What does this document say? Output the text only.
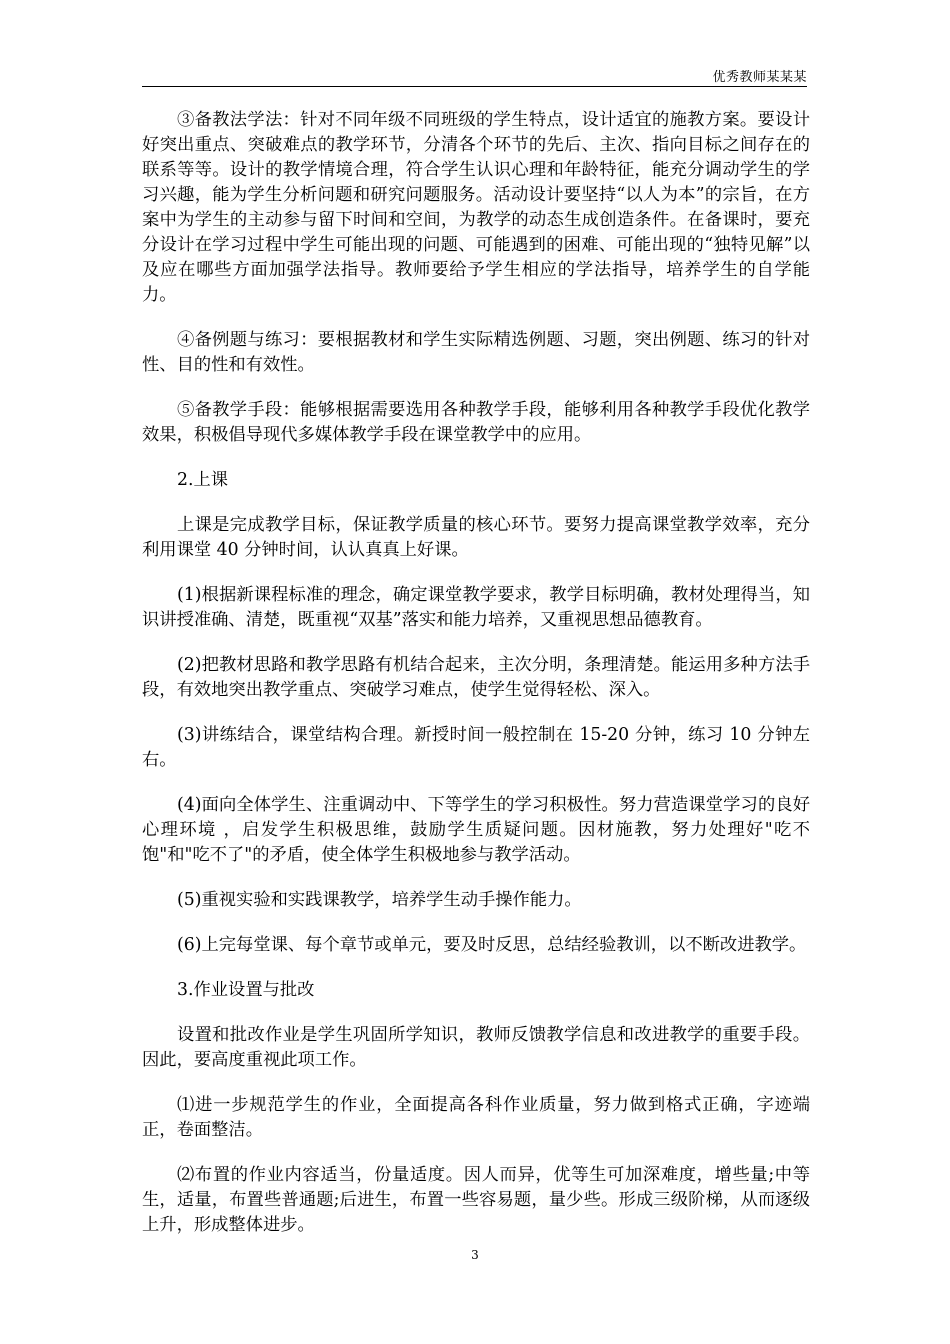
优秀教师某某某

③备教法学法：针对不同年级不同班级的学生特点，设计适宜的施教方案。要设计好突出重点、突破难点的教学环节，分清各个环节的先后、主次、指向目标之间存在的联系等等。设计的教学情境合理，符合学生认识心理和年龄特征，能充分调动学生的学习兴趣，能为学生分析问题和研究问题服务。活动设计要坚持“以人为本”的宗旨，在方案中为学生的主动参与留下时间和空间，为教学的动态生成创造条件。在备课时，要充分设计在学习过程中学生可能出现的问题、可能遇到的困难、可能出现的“独特见解”以及应在哪些方面加强学法指导。教师要给予学生相应的学法指导，培养学生的自学能力。

④备例题与练习：要根据教材和学生实际精选例题、习题，突出例题、练习的针对性、目的性和有效性。

⑤备教学手段：能够根据需要选用各种教学手段，能够利用各种教学手段优化教学效果，积极倡导现代多媒体教学手段在课堂教学中的应用。

2.上课

上课是完成教学目标，保证教学质量的核心环节。要努力提高课堂教学效率，充分利用课堂 40 分钟时间，认认真真上好课。

(1)根据新课程标准的理念，确定课堂教学要求，教学目标明确，教材处理得当，知识讲授准确、清楚，既重视“双基”落实和能力培养，又重视思想品德教育。

(2)把教材思路和教学思路有机结合起来，主次分明，条理清楚。能运用多种方法手段，有效地突出教学重点、突破学习难点，使学生觉得轻松、深入。

(3)讲练结合，课堂结构合理。新授时间一般控制在 15-20 分钟，练习 10 分钟左右。

(4)面向全体学生、注重调动中、下等学生的学习积极性。努力营造课堂学习的良好心理环境 ，启发学生积极思维，鼓励学生质疑问题。因材施教，努力处理好"吃不饱"和"吃不了"的矛盾，使全体学生积极地参与教学活动。

(5)重视实验和实践课教学，培养学生动手操作能力。

(6)上完每堂课、每个章节或单元，要及时反思，总结经验教训，以不断改进教学。

3.作业设置与批改

设置和批改作业是学生巩固所学知识，教师反馈教学信息和改进教学的重要手段。因此，要高度重视此项工作。

⑴进一步规范学生的作业，全面提高各科作业质量，努力做到格式正确，字迹端正，卷面整洁。

⑵布置的作业内容适当，份量适度。因人而异，优等生可加深难度，增些量;中等生，适量，布置些普通题;后进生，布置一些容易题，量少些。形成三级阶梯，从而逐级上升，形成整体进步。

3
